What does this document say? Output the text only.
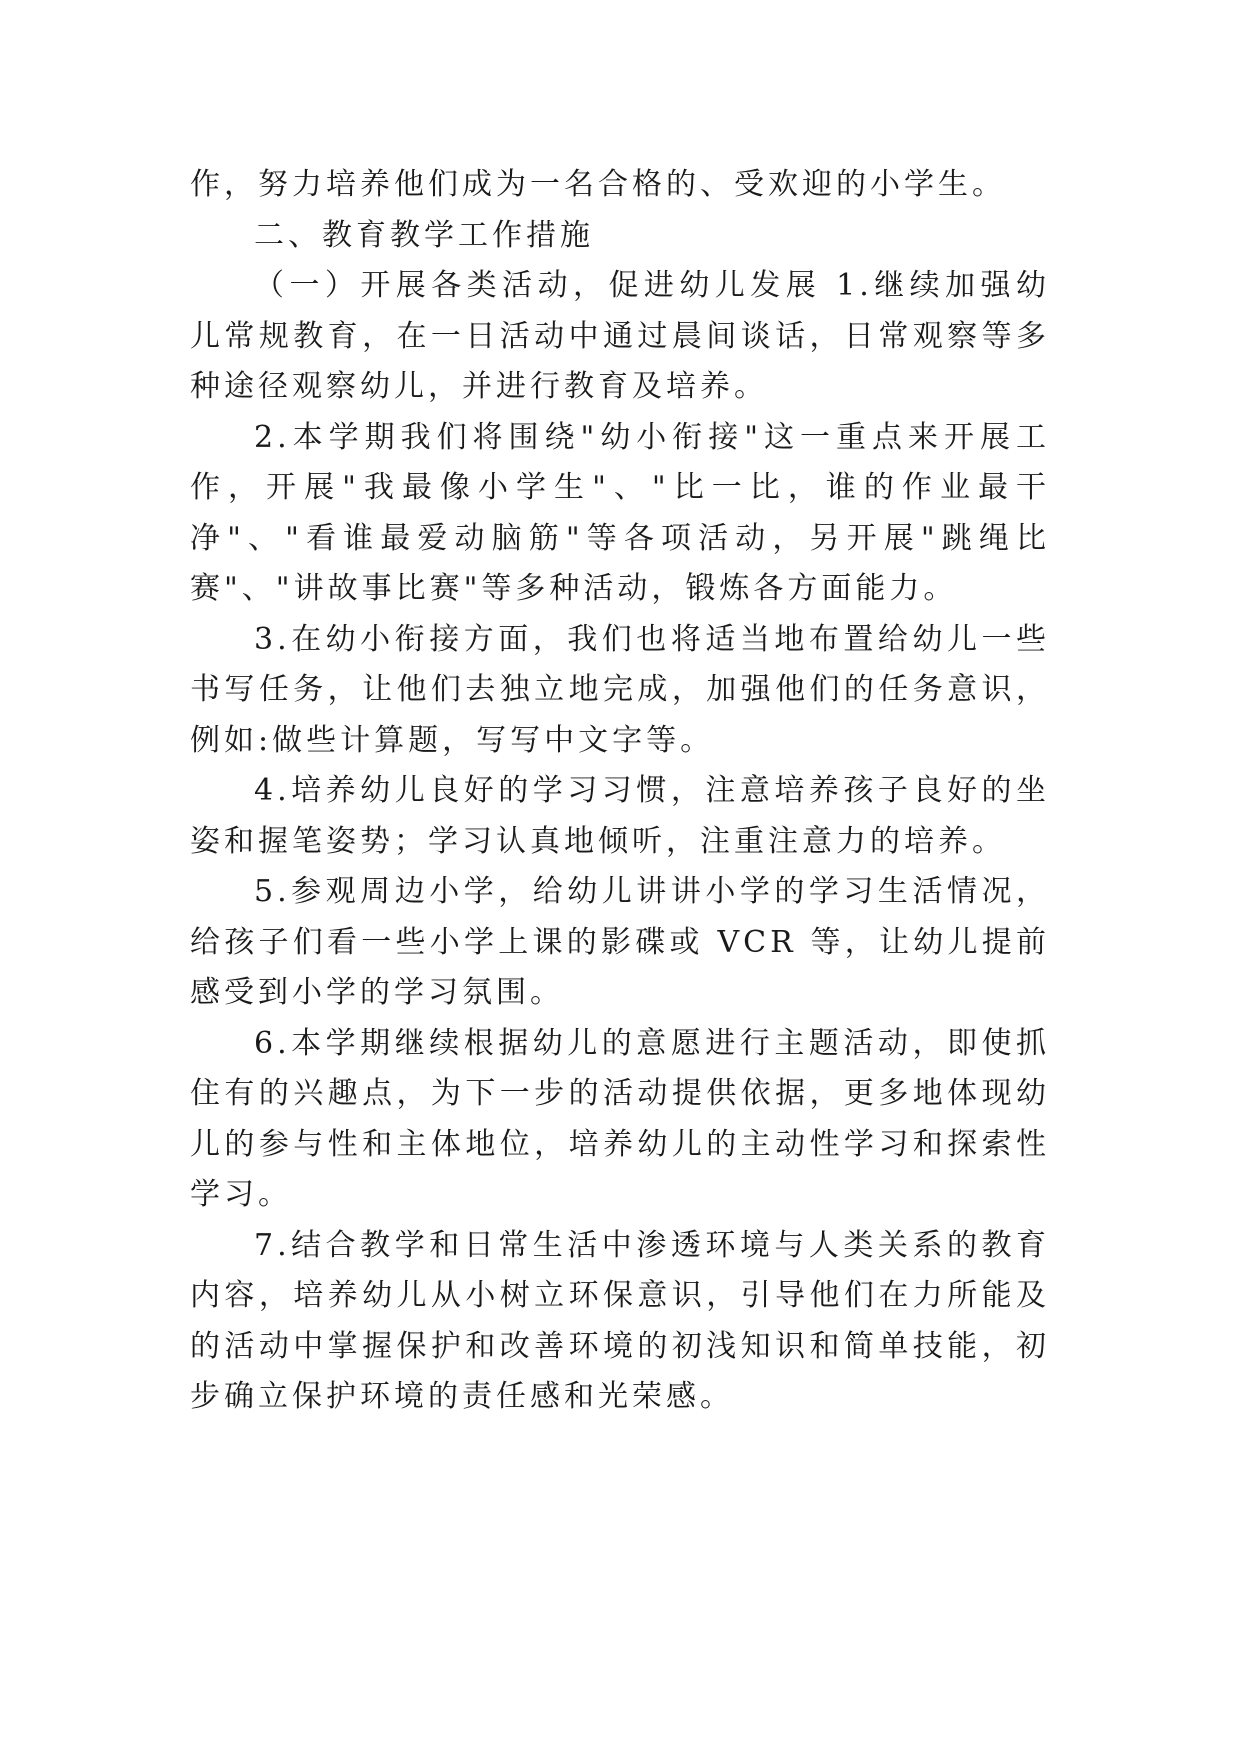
作，努力培养他们成为一名合格的、受欢迎的小学生。

二、教育教学工作措施

（一）开展各类活动，促进幼儿发展 1.继续加强幼儿常规教育，在一日活动中通过晨间谈话，日常观察等多种途径观察幼儿，并进行教育及培养。

2.本学期我们将围绕"幼小衔接"这一重点来开展工作，开展"我最像小学生"、"比一比，谁的作业最干净"、"看谁最爱动脑筋"等各项活动，另开展"跳绳比赛"、"讲故事比赛"等多种活动，锻炼各方面能力。

3.在幼小衔接方面，我们也将适当地布置给幼儿一些书写任务，让他们去独立地完成，加强他们的任务意识，例如:做些计算题，写写中文字等。

4.培养幼儿良好的学习习惯，注意培养孩子良好的坐姿和握笔姿势；学习认真地倾听，注重注意力的培养。

5.参观周边小学，给幼儿讲讲小学的学习生活情况，给孩子们看一些小学上课的影碟或 VCR 等，让幼儿提前感受到小学的学习氛围。

6.本学期继续根据幼儿的意愿进行主题活动，即使抓住有的兴趣点，为下一步的活动提供依据，更多地体现幼儿的参与性和主体地位，培养幼儿的主动性学习和探索性学习。

7.结合教学和日常生活中渗透环境与人类关系的教育内容，培养幼儿从小树立环保意识，引导他们在力所能及的活动中掌握保护和改善环境的初浅知识和简单技能，初步确立保护环境的责任感和光荣感。
